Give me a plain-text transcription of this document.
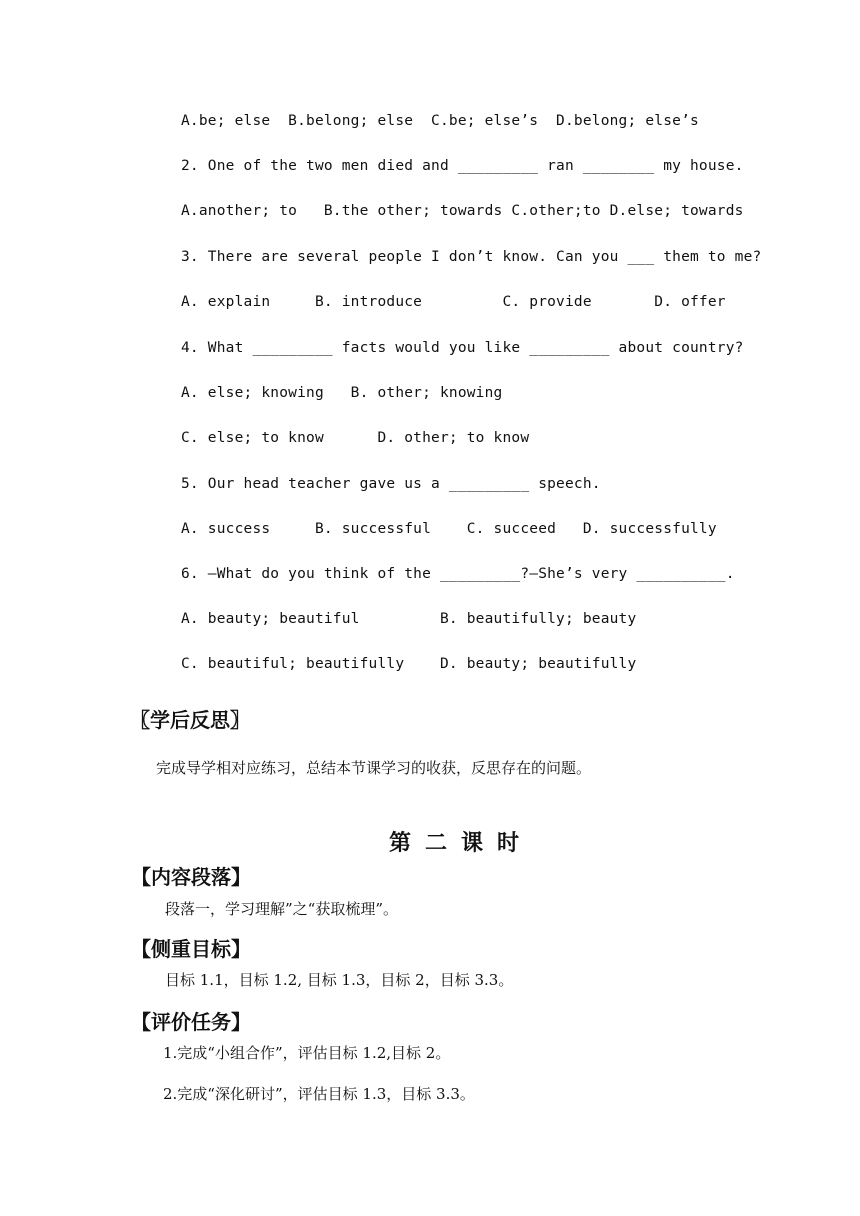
A.be; else  B.belong; else  C.be; else’s  D.belong; else’s
2. One of the two men died and _________ ran ________ my house.
A.another; to   B.the other; towards C.other;to D.else; towards
3. There are several people I don’t know. Can you ___ them to me?
A. explain     B. introduce         C. provide       D. offer
4. What _________ facts would you like _________ about country?
A. else; knowing   B. other; knowing
C. else; to know      D. other; to know
5. Our head teacher gave us a _________ speech.
A. success     B. successful    C. succeed   D. successfully
6. —What do you think of the _________?—She’s very __________.
A. beauty; beautiful         B. beautifully; beauty
C. beautiful; beautifully    D. beauty; beautifully
〖学后反思〗
完成导学相对应练习，总结本节课学习的收获，反思存在的问题。
第二课时
【内容段落】
段落一，学习理解”之“获取梳理”。
【侧重目标】
目标 1.1，目标 1.2, 目标 1.3，目标 2，目标 3.3。
【评价任务】
1.完成“小组合作”，评估目标 1.2,目标 2。
2.完成“深化研讨”，评估目标 1.3，目标 3.3。
